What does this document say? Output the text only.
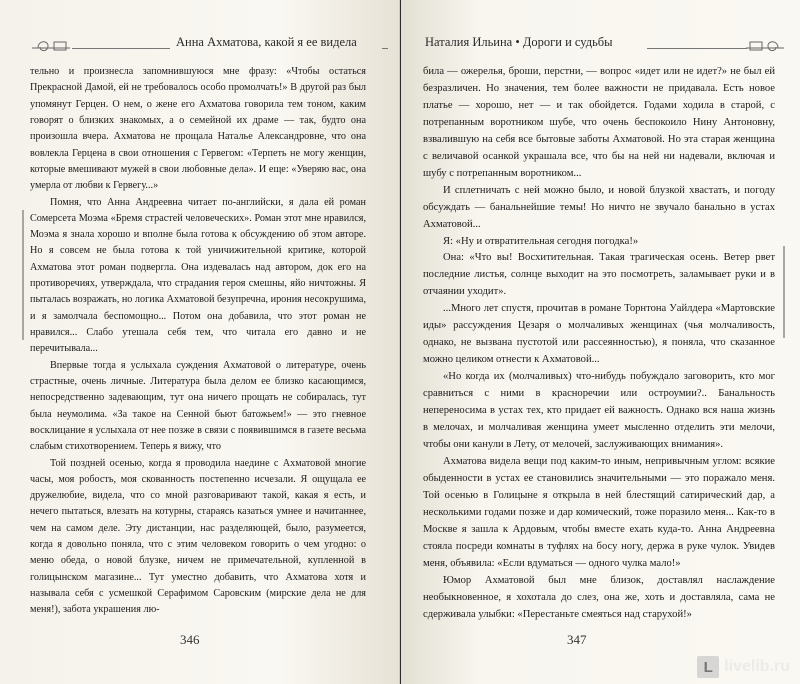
Анна Ахматова, какой я ее видела

тельно и произнесла запомнившуюся мне фразу: «Чтобы остаться Прекрасной Дамой, ей не требовалось особо промолчать!» В другой раз был упомянут Герцен. О нем, о жене его Ахматова говорила тем тоном, каким говорят о близких знакомых, а о семейной их драме — так, будто она произошла вчера. Ахматова не прощала Наталье Александровне, что она вовлекла Герцена в свои отношения с Гервегом: «Терпеть не могу женщин, которые вмешивают мужей в свои любовные дела». И еще: «Уверяю вас, она умерла от любви к Гервегу...»

Помня, что Анна Андреевна читает по-английски, я дала ей роман Сомерсета Моэма «Бремя страстей человеческих». Роман этот мне нравился, Моэма я знала хорошо и вполне была готова к обсуждению об этом авторе. Но я совсем не была готова к той уничижительной критике, которой Ахматова этот роман подвергла. Она издевалась над автором, док его на противоречиях, утверждала, что страдания героя смешны, яйо ничтожны. Я пыталась возражать, но логика Ахматовой безупречна, ирония несокрушима, и я замолчала беспомощно... Потом она добавила, что этот роман не нравился... Слабо утешала себя тем, что читала его давно и не перечитывала...

Впервые тогда я услыхала суждения Ахматовой о литературе, очень страстные, очень личные. Литература была делом ее близко касающимся, непосредственно задевающим, тут она ничего прощать не собиралась, тут была неумолима. «За такое на Сенной бьют батожьем!» — это гневное восклицание я услыхала от нее позже в связи с появившимся в газете весьма слабым стихотворением. Теперь я вижу, что

Той поздней осенью, когда я проводила наедине с Ахматовой многие часы, моя робость, моя скованность постепенно исчезали. Я ощущала ее дружелюбие, видела, что со мной разговаривают такой, какая я есть, и нечего пытаться, влезать на котурны, стараясь казаться умнее и начитаннее, чем на самом деле. Эту дистанции, нас разделяющей, было, разумеется, когда я довольно поняла, что с этим человеком говорить о чем угодно: о меню обеда, о новой блузке, ничем не примечательной, купленной в голицынском магазине... Тут уместно добавить, что Ахматова хотя и называла себя с усмешкой Серафимом Саровским (мирские дела не для меня!), забота украшения лю-

346
Наталия Ильина • Дороги и судьбы

била — ожерелья, броши, перстни, — вопрос «идет или не идет?» не был ей безразличен. Но значения, тем более важности не придавала. Есть новое платье — хорошо, нет — и так обойдется. Годами ходила в старой, с потрепанным воротником шубе, что очень беспокоило Нину Антоновну, взвалившую на себя все бытовые заботы Ахматовой. Но эта старая женщина с величавой осанкой украшала все, что бы на ней ни надевали, включая и шубу с потрепанным воротником...

И сплетничать с ней можно было, и новой блузкой хвастать, и погоду обсуждать — банальнейшие темы! Но ничто не звучало банально в устах Ахматовой...

Я: «Ну и отвратительная сегодня погодка!»

Она: «Что вы! Восхитительная. Такая трагическая осень. Ветер рвет последние листья, солнце выходит на это посмотреть, заламывает руки и в отчаянии уходит».

...Много лет спустя, прочитав в романе Торнтона Уайлдера «Мартовские иды» рассуждения Цезаря о молчаливых женщинах (чья молчаливость, однако, не вызвана пустотой или рассеянностью), я поняла, что сказанное можно целиком отнести к Ахматовой...

«Но когда их (молчаливых) что-нибудь побуждало заговорить, кто мог сравниться с ними в красноречии или остроумии?.. Банальность непереносима в устах тех, кто придает ей важность. Однако вся наша жизнь в мелочах, и молчаливая женщина умеет мысленно отделить эти мелочи, чтобы они канули в Лету, от мелочей, заслуживающих внимания».

Ахматова видела вещи под каким-то иным, непривычным углом: всякие обыденности в устах ее становились значительными — это поражало меня. Той осенью в Голицыне я открыла в ней блестящий сатирический дар, а несколькими годами позже и дар комический, тоже поразило меня... Как-то в Москве я зашла к Ардовым, чтобы вместе ехать куда-то. Анна Андреевна стояла посреди комнаты в туфлях на босу ногу, держа в руке чулок. Увидев меня, объявила: «Если вдуматься — одного чулка мало!»

Юмор Ахматовой был мне близок, доставлял наслаждение необыкновенное, я хохотала до слез, она же, хоть и доставляла, сама не сдерживала улыбки: «Перестаньте смеяться над старухой!»

347
L livelib.ru
